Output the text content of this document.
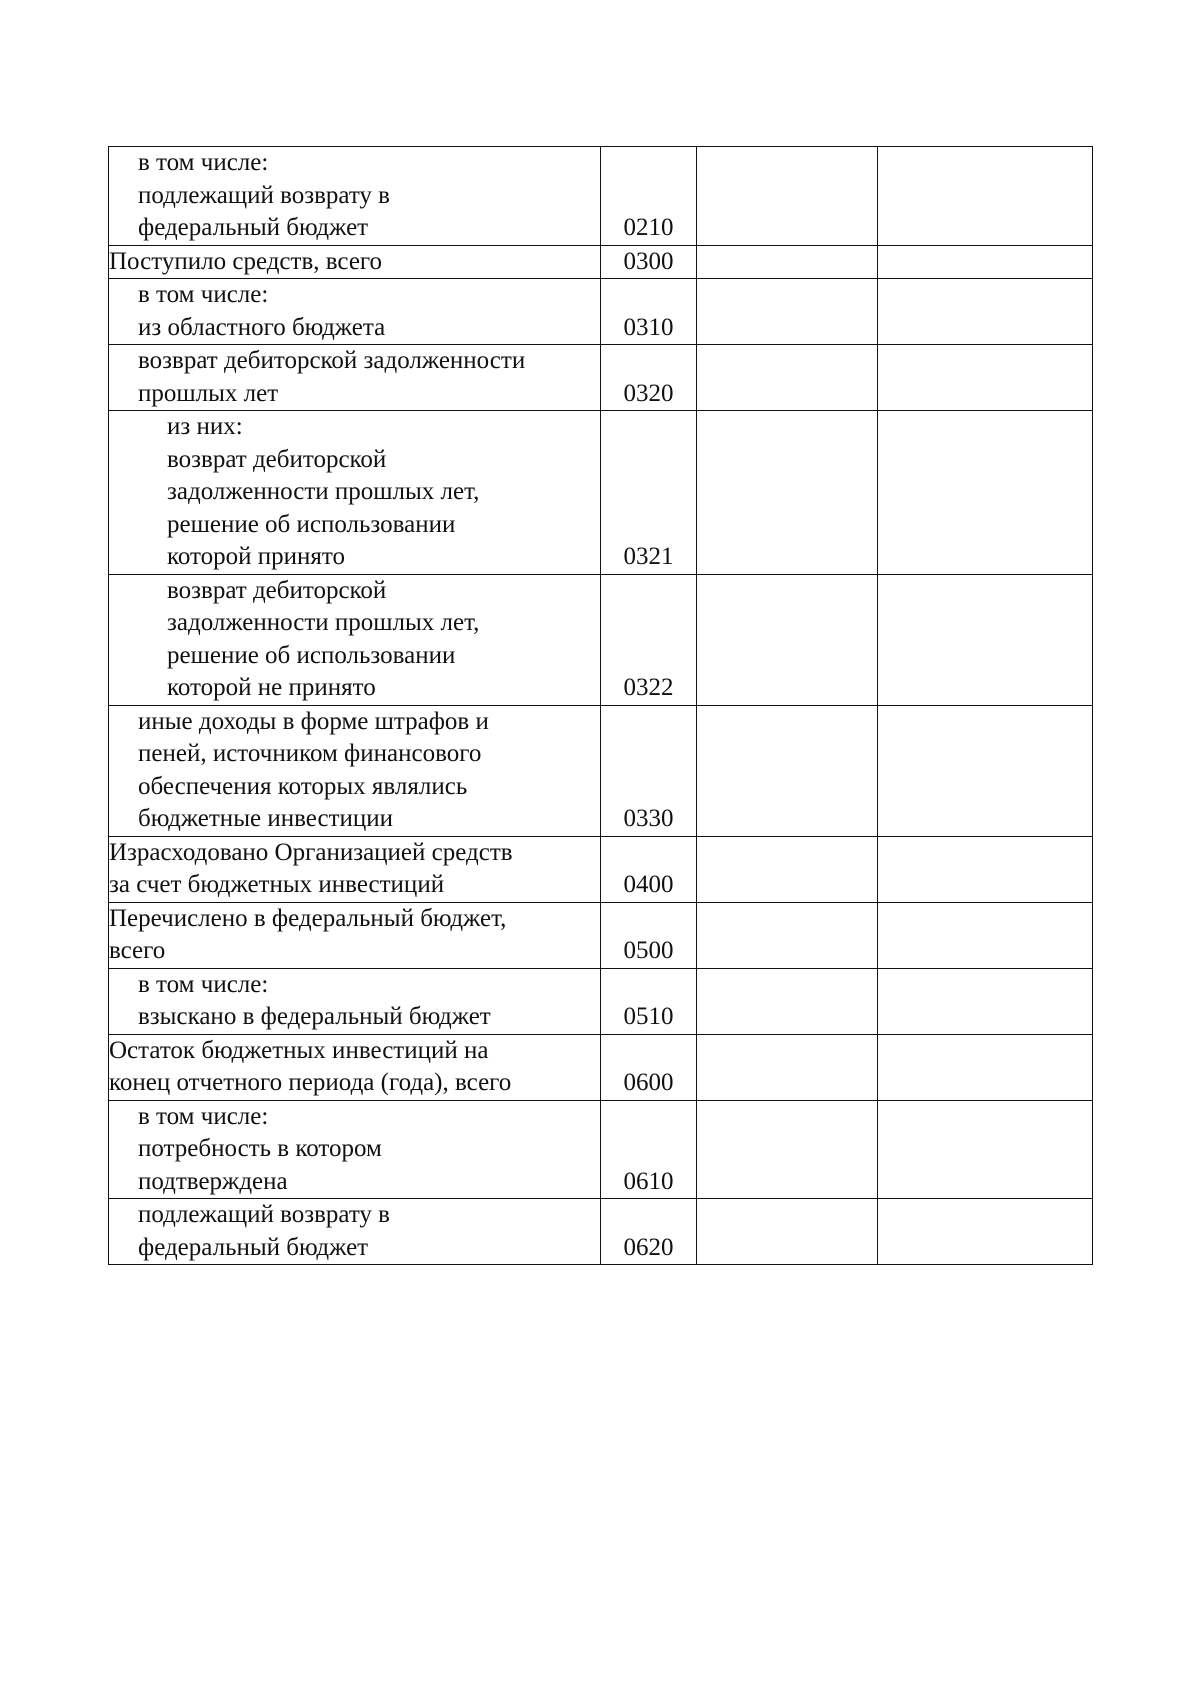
в том числе:
подлежащий возврату в
федеральный бюджет	0210		

Поступило средств, всего	0300		

в том числе:
из областного бюджета	0310		

возврат дебиторской задолженности
прошлых лет	0320		

из них:
возврат дебиторской
задолженности прошлых лет,
решение об использовании
которой принято	0321		

возврат дебиторской
задолженности прошлых лет,
решение об использовании
которой не принято	0322		

иные доходы в форме штрафов и
пеней, источником финансового
обеспечения которых являлись
бюджетные инвестиции	0330		

Израсходовано Организацией средств
за счет бюджетных инвестиций	0400		

Перечислено в федеральный бюджет,
всего	0500		

в том числе:
взыскано в федеральный бюджет	0510		

Остаток бюджетных инвестиций на
конец отчетного периода (года), всего	0600		

в том числе:
потребность в котором
подтверждена	0610		

подлежащий возврату в
федеральный бюджет	0620		
